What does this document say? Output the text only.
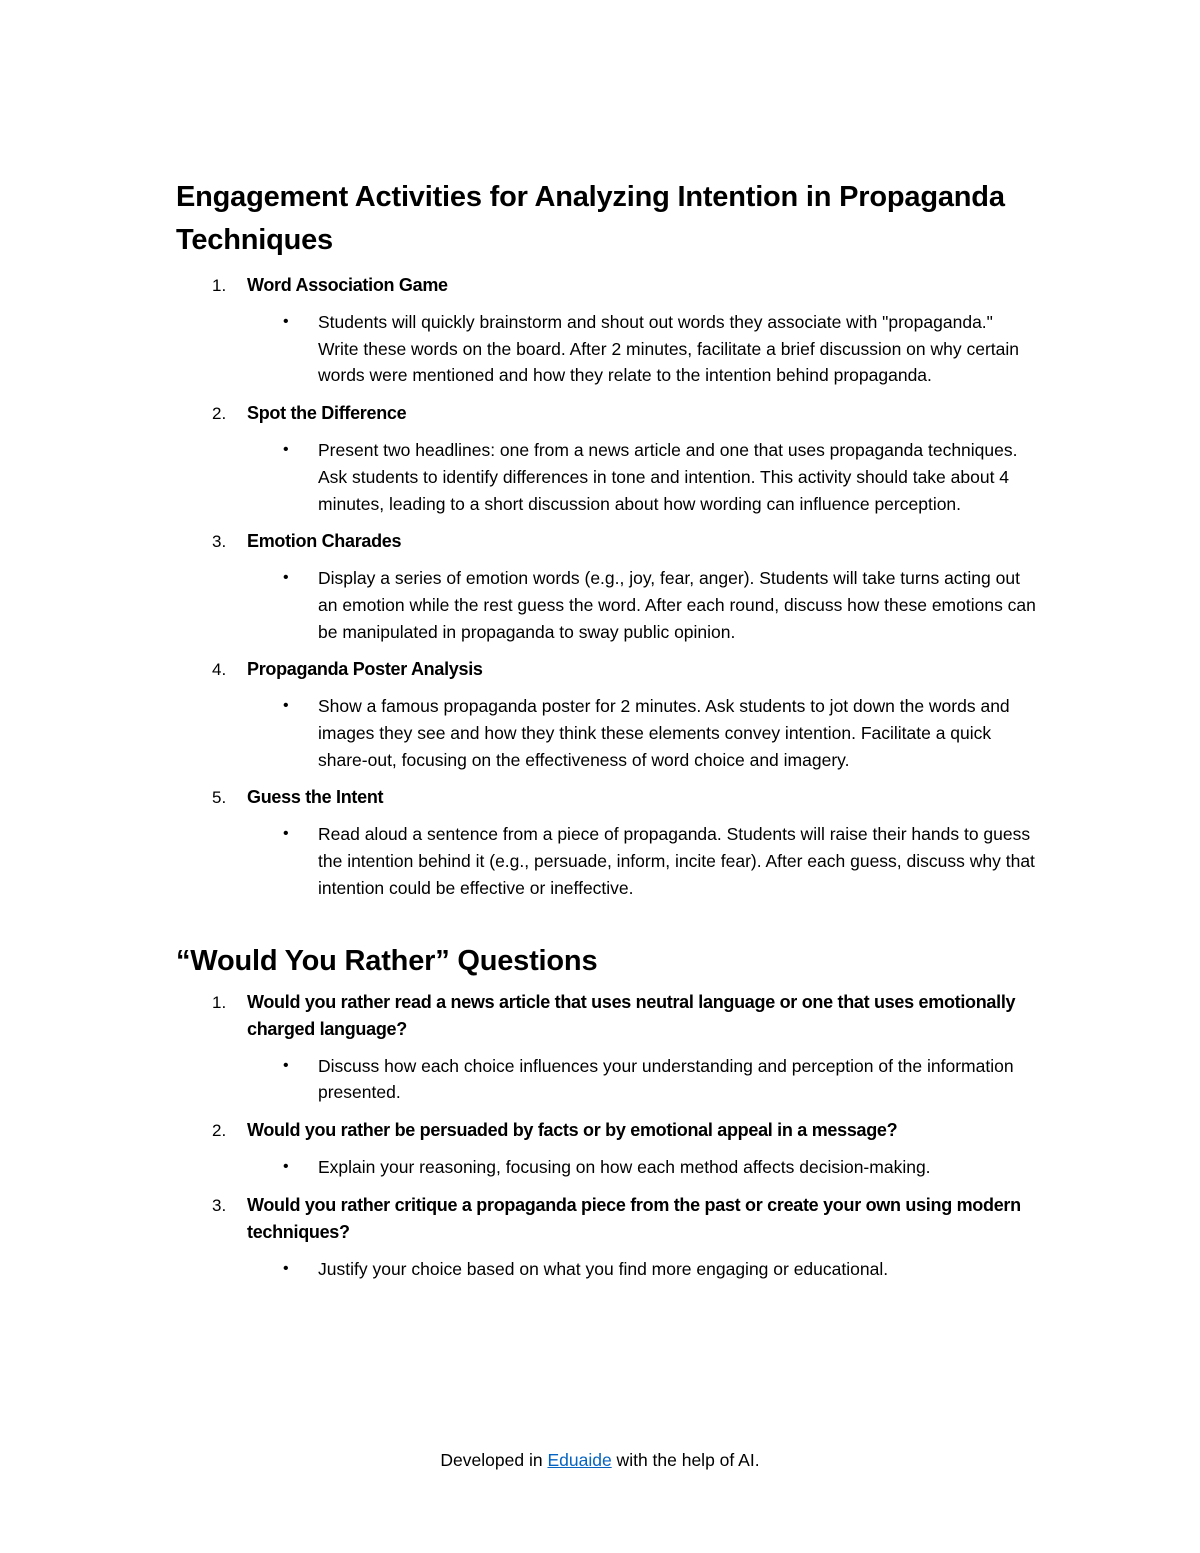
Engagement Activities for Analyzing Intention in Propaganda Techniques
1. Word Association Game
• Students will quickly brainstorm and shout out words they associate with "propaganda." Write these words on the board. After 2 minutes, facilitate a brief discussion on why certain words were mentioned and how they relate to the intention behind propaganda.
2. Spot the Difference
• Present two headlines: one from a news article and one that uses propaganda techniques. Ask students to identify differences in tone and intention. This activity should take about 4 minutes, leading to a short discussion about how wording can influence perception.
3. Emotion Charades
• Display a series of emotion words (e.g., joy, fear, anger). Students will take turns acting out an emotion while the rest guess the word. After each round, discuss how these emotions can be manipulated in propaganda to sway public opinion.
4. Propaganda Poster Analysis
• Show a famous propaganda poster for 2 minutes. Ask students to jot down the words and images they see and how they think these elements convey intention. Facilitate a quick share-out, focusing on the effectiveness of word choice and imagery.
5. Guess the Intent
• Read aloud a sentence from a piece of propaganda. Students will raise their hands to guess the intention behind it (e.g., persuade, inform, incite fear). After each guess, discuss why that intention could be effective or ineffective.
“Would You Rather” Questions
1. Would you rather read a news article that uses neutral language or one that uses emotionally charged language?
• Discuss how each choice influences your understanding and perception of the information presented.
2. Would you rather be persuaded by facts or by emotional appeal in a message?
• Explain your reasoning, focusing on how each method affects decision-making.
3. Would you rather critique a propaganda piece from the past or create your own using modern techniques?
• Justify your choice based on what you find more engaging or educational.
Developed in Eduaide with the help of AI.
